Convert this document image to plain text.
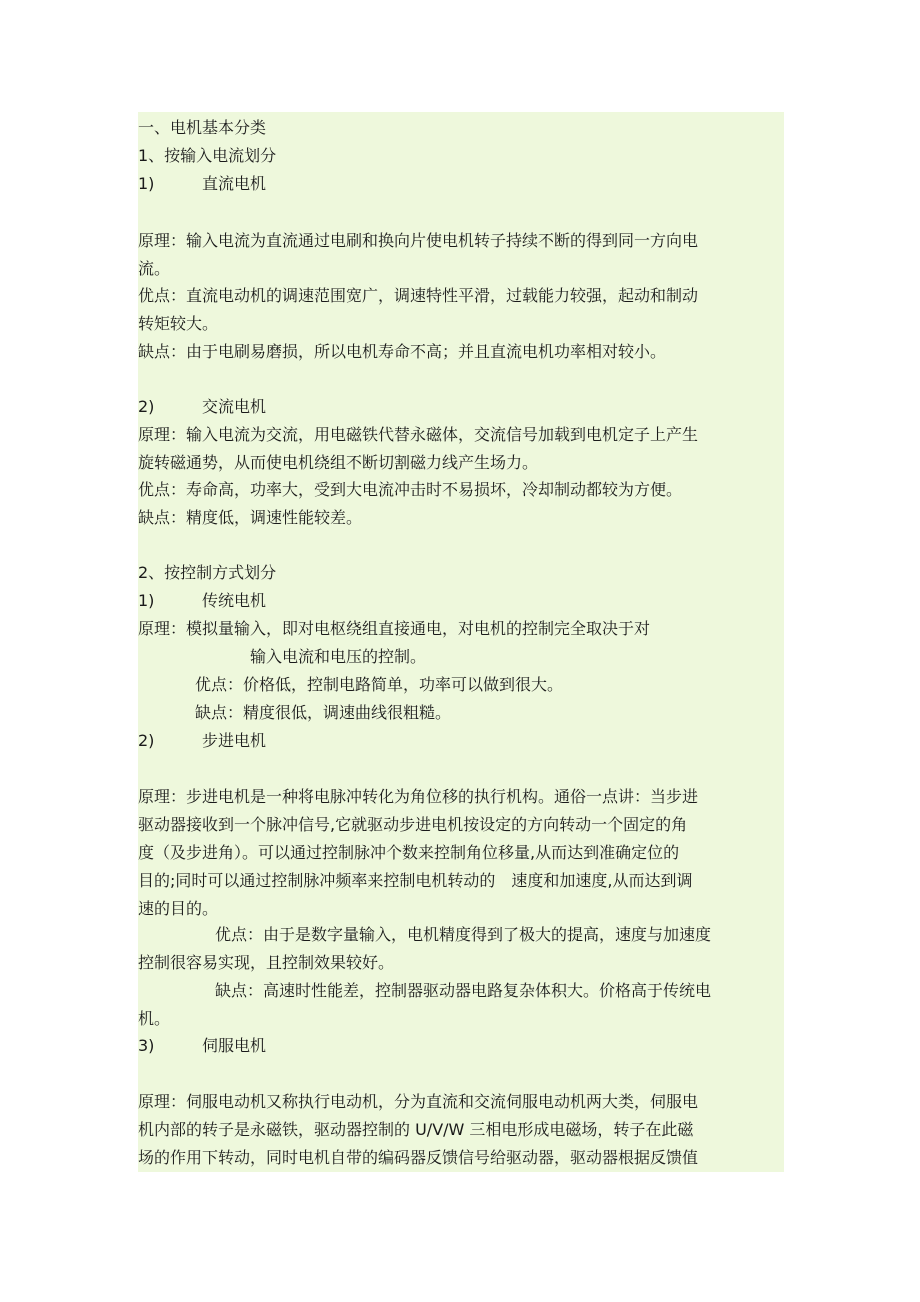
一、电机基本分类
1、按输入电流划分
1)	直流电机
原理：输入电流为直流通过电刷和换向片使电机转子持续不断的得到同一方向电
流。
优点：直流电动机的调速范围宽广，调速特性平滑，过载能力较强，起动和制动
转矩较大。
缺点：由于电刷易磨损，所以电机寿命不高；并且直流电机功率相对较小。
2)	交流电机
原理：输入电流为交流，用电磁铁代替永磁体，交流信号加载到电机定子上产生
旋转磁通势，从而使电机绕组不断切割磁力线产生场力。
优点：寿命高，功率大，受到大电流冲击时不易损坏，冷却制动都较为方便。
缺点：精度低，调速性能较差。
2、按控制方式划分
1)	传统电机
原理：模拟量输入，即对电枢绕组直接通电，对电机的控制完全取决于对
输入电流和电压的控制。
优点：价格低，控制电路简单，功率可以做到很大。
缺点：精度很低，调速曲线很粗糙。
2)	步进电机
原理：步进电机是一种将电脉冲转化为角位移的执行机构。通俗一点讲：当步进
驱动器接收到一个脉冲信号,它就驱动步进电机按设定的方向转动一个固定的角
度（及步进角）。可以通过控制脉冲个数来控制角位移量,从而达到准确定位的
目的;同时可以通过控制脉冲频率来控制电机转动的　速度和加速度,从而达到调
速的目的。
优点：由于是数字量输入，电机精度得到了极大的提高，速度与加速度
控制很容易实现，且控制效果较好。
缺点：高速时性能差，控制器驱动器电路复杂体积大。价格高于传统电
机。
3)	伺服电机
原理：伺服电动机又称执行电动机，分为直流和交流伺服电动机两大类，伺服电
机内部的转子是永磁铁，驱动器控制的 U/V/W 三相电形成电磁场，转子在此磁
场的作用下转动，同时电机自带的编码器反馈信号给驱动器，驱动器根据反馈值
